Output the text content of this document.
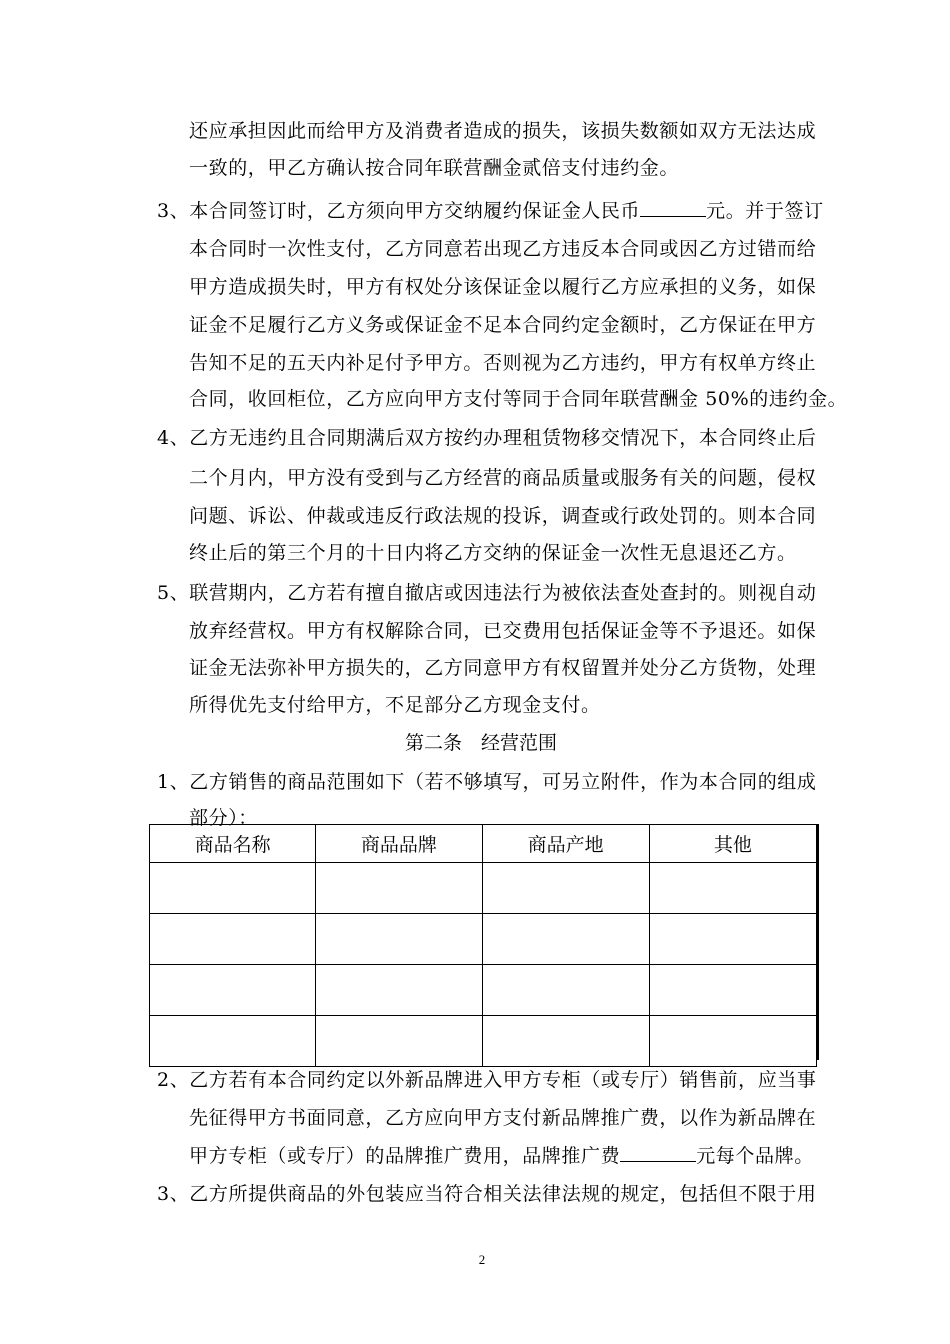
还应承担因此而给甲方及消费者造成的损失，该损失数额如双方无法达成
一致的，甲乙方确认按合同年联营酬金贰倍支付违约金。
3、本合同签订时，乙方须向甲方交纳履约保证金人民币	元。并于签订
本合同时一次性支付，乙方同意若出现乙方违反本合同或因乙方过错而给
甲方造成损失时，甲方有权处分该保证金以履行乙方应承担的义务，如保
证金不足履行乙方义务或保证金不足本合同约定金额时，乙方保证在甲方
告知不足的五天内补足付予甲方。否则视为乙方违约，甲方有权单方终止
合同，收回柜位，乙方应向甲方支付等同于合同年联营酬金 50%的违约金。
4、乙方无违约且合同期满后双方按约办理租赁物移交情况下，本合同终止后
二个月内，甲方没有受到与乙方经营的商品质量或服务有关的问题，侵权
问题、诉讼、仲裁或违反行政法规的投诉，调查或行政处罚的。则本合同
终止后的第三个月的十日内将乙方交纳的保证金一次性无息退还乙方。
5、联营期内，乙方若有擅自撤店或因违法行为被依法查处查封的。则视自动
放弃经营权。甲方有权解除合同，已交费用包括保证金等不予退还。如保
证金无法弥补甲方损失的，乙方同意甲方有权留置并处分乙方货物，处理
所得优先支付给甲方，不足部分乙方现金支付。
第二条　经营范围
1、乙方销售的商品范围如下（若不够填写，可另立附件，作为本合同的组成
部分）：
商品名称	商品品牌	商品产地	其他

2、乙方若有本合同约定以外新品牌进入甲方专柜（或专厅）销售前，应当事
先征得甲方书面同意，乙方应向甲方支付新品牌推广费，以作为新品牌在
甲方专柜（或专厅）的品牌推广费用，品牌推广费	元每个品牌。
3、乙方所提供商品的外包装应当符合相关法律法规的规定，包括但不限于用
2
